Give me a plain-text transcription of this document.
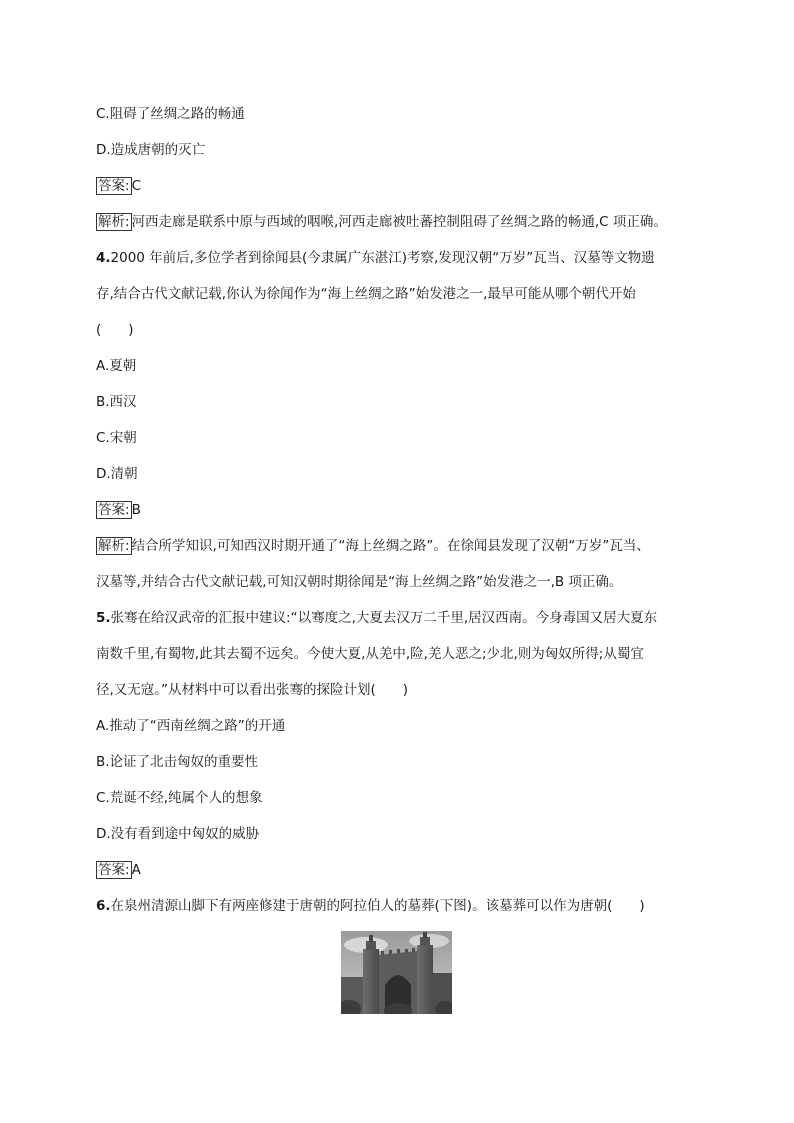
C.阻碍了丝绸之路的畅通
D.造成唐朝的灭亡
答案: C
解析: 河西走廊是联系中原与西域的咽喉,河西走廊被吐蕃控制阻碍了丝绸之路的畅通,C 项正确。
4.2000 年前后,多位学者到徐闻县(今隶属广东湛江)考察,发现汉朝“万岁”瓦当、汉墓等文物遗
存,结合古代文献记载,你认为徐闻作为“海上丝绸之路”始发港之一,最早可能从哪个朝代开始
(　　)
A.夏朝
B.西汉
C.宋朝
D.清朝
答案: B
解析: 结合所学知识,可知西汉时期开通了“海上丝绸之路”。在徐闻县发现了汉朝“万岁”瓦当、
汉墓等,并结合古代文献记载,可知汉朝时期徐闻是“海上丝绸之路”始发港之一,B 项正确。
5.张骞在给汉武帝的汇报中建议:“以骞度之,大夏去汉万二千里,居汉西南。今身毒国又居大夏东
南数千里,有蜀物,此其去蜀不远矣。今使大夏,从羌中,险,羌人恶之;少北,则为匈奴所得;从蜀宜
径,又无寇。”从材料中可以看出张骞的探险计划(　　)
A.推动了“西南丝绸之路”的开通
B.论证了北击匈奴的重要性
C.荒诞不经,纯属个人的想象
D.没有看到途中匈奴的威胁
答案: A
6.在泉州清源山脚下有两座修建于唐朝的阿拉伯人的墓葬(下图)。该墓葬可以作为唐朝(　　)
